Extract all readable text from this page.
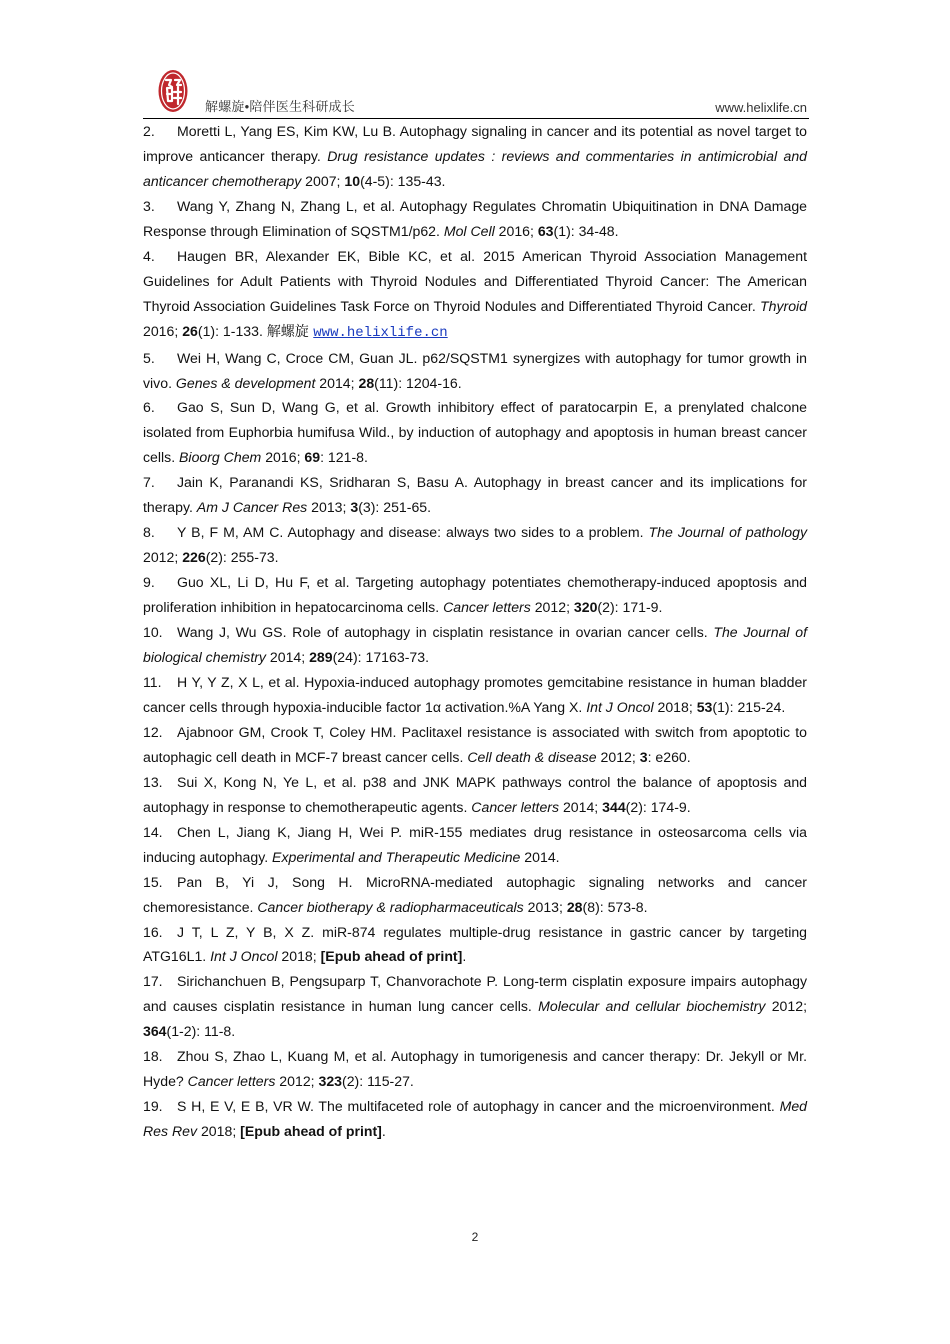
解螺旋•陪伴医生科研成长	www.helixlife.cn

2. Moretti L, Yang ES, Kim KW, Lu B. Autophagy signaling in cancer and its potential as novel target to improve anticancer therapy. Drug resistance updates : reviews and commentaries in antimicrobial and anticancer chemotherapy 2007; 10(4-5): 135-43.

3. Wang Y, Zhang N, Zhang L, et al. Autophagy Regulates Chromatin Ubiquitination in DNA Damage Response through Elimination of SQSTM1/p62. Mol Cell 2016; 63(1): 34-48.

4. Haugen BR, Alexander EK, Bible KC, et al. 2015 American Thyroid Association Management Guidelines for Adult Patients with Thyroid Nodules and Differentiated Thyroid Cancer: The American Thyroid Association Guidelines Task Force on Thyroid Nodules and Differentiated Thyroid Cancer. Thyroid 2016; 26(1): 1-133. 解螺旋 www.helixlife.cn

5. Wei H, Wang C, Croce CM, Guan JL. p62/SQSTM1 synergizes with autophagy for tumor growth in vivo. Genes & development 2014; 28(11): 1204-16.

6. Gao S, Sun D, Wang G, et al. Growth inhibitory effect of paratocarpin E, a prenylated chalcone isolated from Euphorbia humifusa Wild., by induction of autophagy and apoptosis in human breast cancer cells. Bioorg Chem 2016; 69: 121-8.

7. Jain K, Paranandi KS, Sridharan S, Basu A. Autophagy in breast cancer and its implications for therapy. Am J Cancer Res 2013; 3(3): 251-65.

8. Y B, F M, AM C. Autophagy and disease: always two sides to a problem. The Journal of pathology 2012; 226(2): 255-73.

9. Guo XL, Li D, Hu F, et al. Targeting autophagy potentiates chemotherapy-induced apoptosis and proliferation inhibition in hepatocarcinoma cells. Cancer letters 2012; 320(2): 171-9.

10. Wang J, Wu GS. Role of autophagy in cisplatin resistance in ovarian cancer cells. The Journal of biological chemistry 2014; 289(24): 17163-73.

11. H Y, Y Z, X L, et al. Hypoxia-induced autophagy promotes gemcitabine resistance in human bladder cancer cells through hypoxia-inducible factor 1α activation.%A Yang X. Int J Oncol 2018; 53(1): 215-24.

12. Ajabnoor GM, Crook T, Coley HM. Paclitaxel resistance is associated with switch from apoptotic to autophagic cell death in MCF-7 breast cancer cells. Cell death & disease 2012; 3: e260.

13. Sui X, Kong N, Ye L, et al. p38 and JNK MAPK pathways control the balance of apoptosis and autophagy in response to chemotherapeutic agents. Cancer letters 2014; 344(2): 174-9.

14. Chen L, Jiang K, Jiang H, Wei P. miR-155 mediates drug resistance in osteosarcoma cells via inducing autophagy. Experimental and Therapeutic Medicine 2014.

15. Pan B, Yi J, Song H. MicroRNA-mediated autophagic signaling networks and cancer chemoresistance. Cancer biotherapy & radiopharmaceuticals 2013; 28(8): 573-8.

16. J T, L Z, Y B, X Z. miR-874 regulates multiple-drug resistance in gastric cancer by targeting ATG16L1. Int J Oncol 2018; [Epub ahead of print].

17. Sirichanchuen B, Pengsuparp T, Chanvorachote P. Long-term cisplatin exposure impairs autophagy and causes cisplatin resistance in human lung cancer cells. Molecular and cellular biochemistry 2012; 364(1-2): 11-8.

18. Zhou S, Zhao L, Kuang M, et al. Autophagy in tumorigenesis and cancer therapy: Dr. Jekyll or Mr. Hyde? Cancer letters 2012; 323(2): 115-27.

19. S H, E V, E B, VR W. The multifaceted role of autophagy in cancer and the microenvironment. Med Res Rev 2018; [Epub ahead of print].

2
